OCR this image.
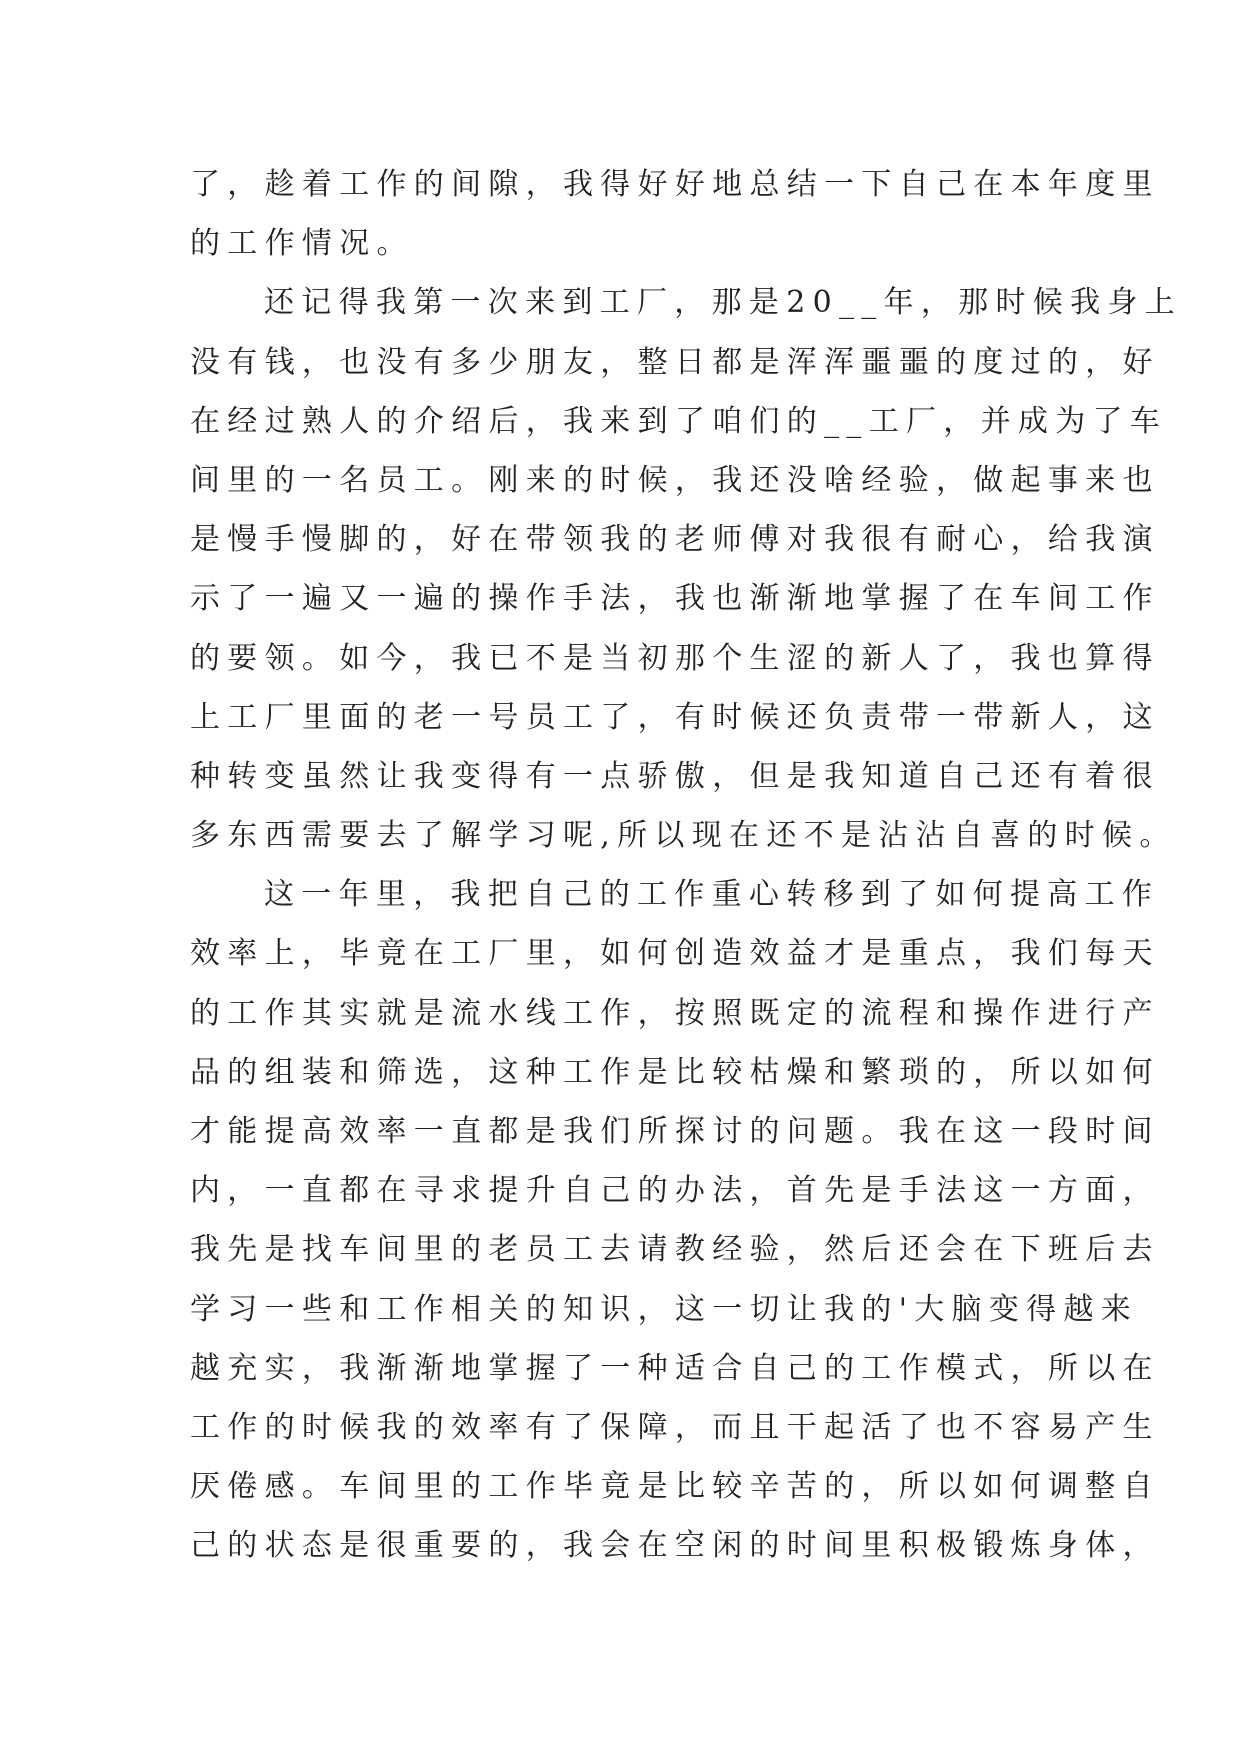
了，趁着工作的间隙，我得好好地总结一下自己在本年度里
的工作情况。
还记得我第一次来到工厂，那是20__年，那时候我身上
没有钱，也没有多少朋友，整日都是浑浑噩噩的度过的，好
在经过熟人的介绍后，我来到了咱们的__工厂，并成为了车
间里的一名员工。刚来的时候，我还没啥经验，做起事来也
是慢手慢脚的，好在带领我的老师傅对我很有耐心，给我演
示了一遍又一遍的操作手法，我也渐渐地掌握了在车间工作
的要领。如今，我已不是当初那个生涩的新人了，我也算得
上工厂里面的老一号员工了，有时候还负责带一带新人，这
种转变虽然让我变得有一点骄傲，但是我知道自己还有着很
多东西需要去了解学习呢,所以现在还不是沾沾自喜的时候。
这一年里，我把自己的工作重心转移到了如何提高工作
效率上，毕竟在工厂里，如何创造效益才是重点，我们每天
的工作其实就是流水线工作，按照既定的流程和操作进行产
品的组装和筛选，这种工作是比较枯燥和繁琐的，所以如何
才能提高效率一直都是我们所探讨的问题。我在这一段时间
内，一直都在寻求提升自己的办法，首先是手法这一方面，
我先是找车间里的老员工去请教经验，然后还会在下班后去
学习一些和工作相关的知识，这一切让我的'大脑变得越来
越充实，我渐渐地掌握了一种适合自己的工作模式，所以在
工作的时候我的效率有了保障，而且干起活了也不容易产生
厌倦感。车间里的工作毕竟是比较辛苦的，所以如何调整自
己的状态是很重要的，我会在空闲的时间里积极锻炼身体，
